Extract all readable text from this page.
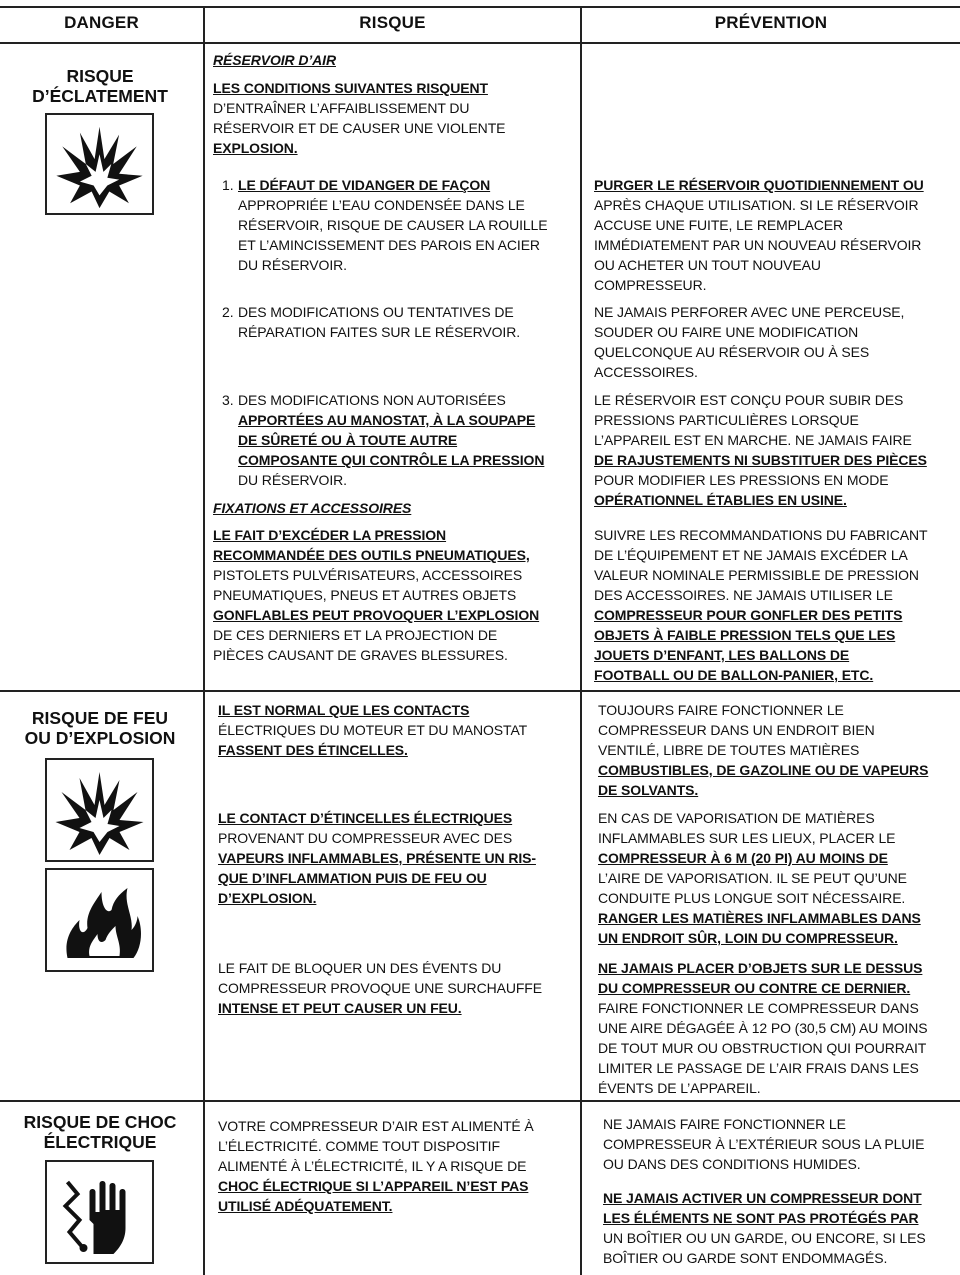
DANGER	RISQUE	PRÉVENTION
RISQUE
D’ÉCLATEMENT
RÉSERVOIR D’AIR
LES CONDITIONS SUIVANTES RISQUENT
D’ENTRAÎNER L’AFFAIBLISSEMENT DU
RÉSERVOIR ET DE CAUSER UNE VIOLENTE
EXPLOSION.
1. LE DÉFAUT DE VIDANGER DE FAÇON
APPROPRIÉE L’EAU CONDENSÉE DANS LE
RÉSERVOIR, RISQUE DE CAUSER LA ROUILLE
ET L’AMINCISSEMENT DES PAROIS EN ACIER
DU RÉSERVOIR.
PURGER LE RÉSERVOIR QUOTIDIENNEMENT OU
APRÈS CHAQUE UTILISATION. SI LE RÉSERVOIR
ACCUSE UNE FUITE, LE REMPLACER
IMMÉDIATEMENT PAR UN NOUVEAU RÉSERVOIR
OU ACHETER UN TOUT NOUVEAU
COMPRESSEUR.
2. DES MODIFICATIONS OU TENTATIVES DE
RÉPARATION FAITES SUR LE RÉSERVOIR.
NE JAMAIS PERFORER AVEC UNE PERCEUSE,
SOUDER OU FAIRE UNE MODIFICATION
QUELCONQUE AU RÉSERVOIR OU À SES
ACCESSOIRES.
3. DES MODIFICATIONS NON AUTORISÉES
APPORTÉES AU MANOSTAT, À LA SOUPAPE
DE SÛRETÉ OU À TOUTE AUTRE
COMPOSANTE QUI CONTRÔLE LA PRESSION
DU RÉSERVOIR.
LE RÉSERVOIR EST CONÇU POUR SUBIR DES
PRESSIONS PARTICULIÈRES LORSQUE
L’APPAREIL EST EN MARCHE. NE JAMAIS FAIRE
DE RAJUSTEMENTS NI SUBSTITUER DES PIÈCES
POUR MODIFIER LES PRESSIONS EN MODE
OPÉRATIONNEL ÉTABLIES EN USINE.
FIXATIONS ET ACCESSOIRES
LE FAIT D’EXCÉDER LA PRESSION
RECOMMANDÉE DES OUTILS PNEUMATIQUES,
PISTOLETS PULVÉRISATEURS, ACCESSOIRES
PNEUMATIQUES, PNEUS ET AUTRES OBJETS
GONFLABLES PEUT PROVOQUER L’EXPLOSION
DE CES DERNIERS ET LA PROJECTION DE
PIÈCES CAUSANT DE GRAVES BLESSURES.
SUIVRE LES RECOMMANDATIONS DU FABRICANT
DE L’ÉQUIPEMENT ET NE JAMAIS EXCÉDER LA
VALEUR NOMINALE PERMISSIBLE DE PRESSION
DES ACCESSOIRES. NE JAMAIS UTILISER LE
COMPRESSEUR POUR GONFLER DES PETITS
OBJETS À FAIBLE PRESSION TELS QUE LES
JOUETS D’ENFANT, LES BALLONS DE
FOOTBALL OU DE BALLON-PANIER, ETC.
RISQUE DE FEU
OU D’EXPLOSION
IL EST NORMAL QUE LES CONTACTS
ÉLECTRIQUES DU MOTEUR ET DU MANOSTAT
FASSENT DES ÉTINCELLES.
TOUJOURS FAIRE FONCTIONNER LE
COMPRESSEUR DANS UN ENDROIT BIEN
VENTILÉ, LIBRE DE TOUTES MATIÈRES
COMBUSTIBLES, DE GAZOLINE OU DE VAPEURS
DE SOLVANTS.
LE CONTACT D’ÉTINCELLES ÉLECTRIQUES
PROVENANT DU COMPRESSEUR AVEC DES
VAPEURS INFLAMMABLES, PRÉSENTE UN RIS-
QUE D’INFLAMMATION PUIS DE FEU OU
D’EXPLOSION.
EN CAS DE VAPORISATION DE MATIÈRES
INFLAMMABLES SUR LES LIEUX, PLACER LE
COMPRESSEUR À 6 M (20 PI) AU MOINS DE
L’AIRE DE VAPORISATION. IL SE PEUT QU’UNE
CONDUITE PLUS LONGUE SOIT NÉCESSAIRE.
RANGER LES MATIÈRES INFLAMMABLES DANS
UN ENDROIT SÛR, LOIN DU COMPRESSEUR.
LE FAIT DE BLOQUER UN DES ÉVENTS DU
COMPRESSEUR PROVOQUE UNE SURCHAUFFE
INTENSE ET PEUT CAUSER UN FEU.
NE JAMAIS PLACER D’OBJETS SUR LE DESSUS
DU COMPRESSEUR OU CONTRE CE DERNIER.
FAIRE FONCTIONNER LE COMPRESSEUR DANS
UNE AIRE DÉGAGÉE À 12 PO (30,5 CM) AU MOINS
DE TOUT MUR OU OBSTRUCTION QUI POURRAIT
LIMITER LE PASSAGE DE L’AIR FRAIS DANS LES
ÉVENTS DE L’APPAREIL.
RISQUE DE CHOC
ÉLECTRIQUE
VOTRE COMPRESSEUR D’AIR EST ALIMENTÉ À
L’ÉLECTRICITÉ. COMME TOUT DISPOSITIF
ALIMENTÉ À L’ÉLECTRICITÉ, IL Y A RISQUE DE
CHOC ÉLECTRIQUE SI L’APPAREIL N’EST PAS
UTILISÉ ADÉQUATEMENT.
NE JAMAIS FAIRE FONCTIONNER LE
COMPRESSEUR À L’EXTÉRIEUR SOUS LA PLUIE
OU DANS DES CONDITIONS HUMIDES.
NE JAMAIS ACTIVER UN COMPRESSEUR DONT
LES ÉLÉMENTS NE SONT PAS PROTÉGÉS PAR
UN BOÎTIER OU UN GARDE, OU ENCORE, SI LES
BOÎTIER OU GARDE SONT ENDOMMAGÉS.
